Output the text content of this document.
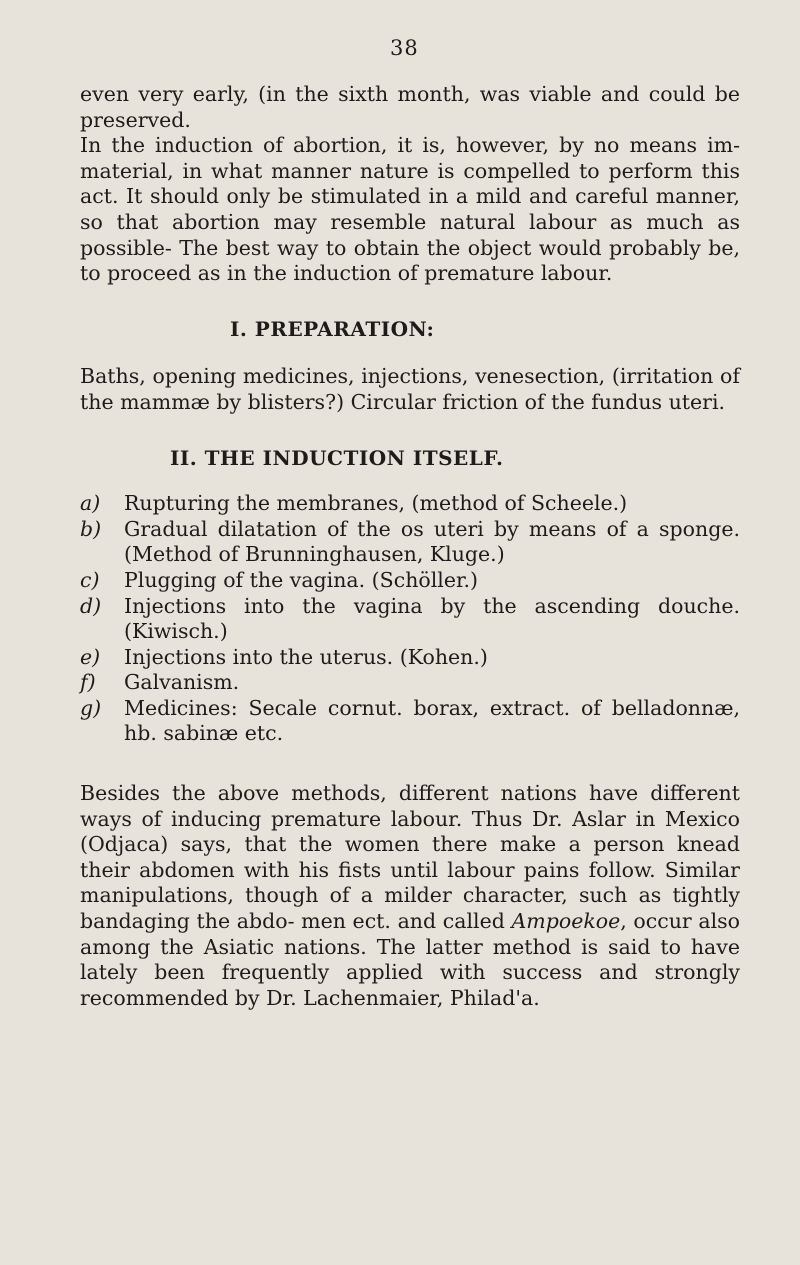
38

even very early, (in the sixth month, was viable and could be preserved.

In the induction of abortion, it is, however, by no means im- material, in what manner nature is compelled to perform this act. It should only be stimulated in a mild and careful manner, so that abortion may resemble natural labour as much as possible- The best way to obtain the object would probably be, to proceed as in the induction of premature labour.

I. PREPARATION:

Baths, opening medicines, injections, venesection, (irritation of the mammæ by blisters?) Circular friction of the fundus uteri.

II. THE INDUCTION ITSELF.
a) Rupturing the membranes, (method of Scheele.)
b) Gradual dilatation of the os uteri by means of a sponge. (Method of Brunninghausen, Kluge.)
c) Plugging of the vagina. (Schöller.)
d) Injections into the vagina by the ascending douche. (Kiwisch.)
e) Injections into the uterus. (Kohen.)
f) Galvanism.
g) Medicines: Secale cornut. borax, extract. of belladonnæ, hb. sabinæ etc.

Besides the above methods, different nations have different ways of inducing premature labour. Thus Dr. Aslar in Mexico (Odjaca) says, that the women there make a person knead their abdomen with his fists until labour pains follow. Similar manipulations, though of a milder character, such as tightly bandaging the abdo- men ect. and called Ampoekoe, occur also among the Asiatic nations. The latter method is said to have lately been frequently applied with success and strongly recommended by Dr. Lachenmaier, Philad'a.
